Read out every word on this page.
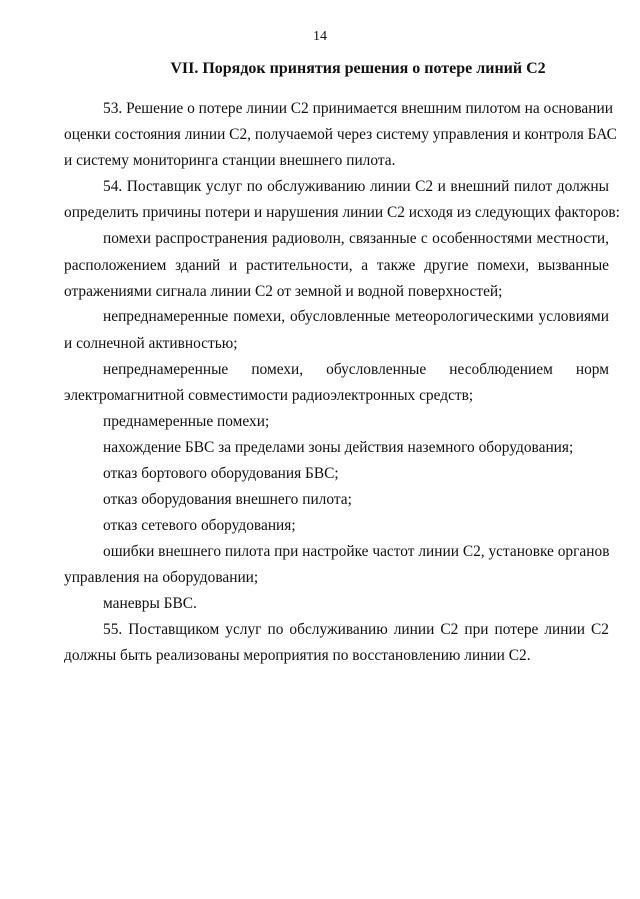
14
VII. Порядок принятия решения о потере линий С2
53. Решение о потере линии С2 принимается внешним пилотом на основании
оценки состояния линии С2, получаемой через систему управления и контроля БАС
и систему мониторинга станции внешнего пилота.
54. Поставщик услуг по обслуживанию линии С2 и внешний пилот должны
определить причины потери и нарушения линии С2 исходя из следующих факторов:
помехи распространения радиоволн, связанные с особенностями местности,
расположением зданий и растительности, а также другие помехи, вызванные
отражениями сигнала линии С2 от земной и водной поверхностей;
непреднамеренные помехи, обусловленные метеорологическими условиями
и солнечной активностью;
непреднамеренные помехи, обусловленные несоблюдением норм
электромагнитной совместимости радиоэлектронных средств;
преднамеренные помехи;
нахождение БВС за пределами зоны действия наземного оборудования;
отказ бортового оборудования БВС;
отказ оборудования внешнего пилота;
отказ сетевого оборудования;
ошибки внешнего пилота при настройке частот линии С2, установке органов
управления на оборудовании;
маневры БВС.
55. Поставщиком услуг по обслуживанию линии С2 при потере линии С2
должны быть реализованы мероприятия по восстановлению линии С2.
